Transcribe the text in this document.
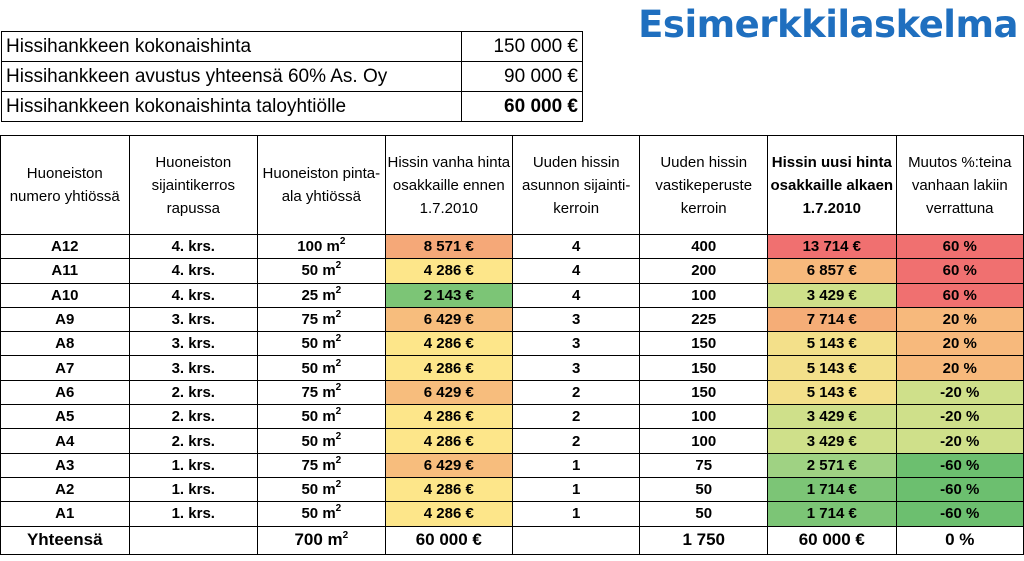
Esimerkkilaskelma
Hissihankkeen kokonaishinta	150 000 €
Hissihankkeen avustus yhteensä 60% As. Oy	90 000 €
Hissihankkeen kokonaishinta taloyhtiölle	60 000 €
Huoneiston numero yhtiössä	Huoneiston sijaintikerros rapussa	Huoneiston pinta-ala yhtiössä	Hissin vanha hinta osakkaille ennen 1.7.2010	Uuden hissin asunnon sijainti-kerroin	Uuden hissin vastikeperuste kerroin	Hissin uusi hinta osakkaille alkaen 1.7.2010	Muutos %:teina vanhaan lakiin verrattuna
A12	4. krs.	100 $m^2$	8 571 €	4	400	13 714 €	60 %
A11	4. krs.	50 $m^2$	4 286 €	4	200	6 857 €	60 %
A10	4. krs.	25 $m^2$	2 143 €	4	100	3 429 €	60 %
A9	3. krs.	75 $m^2$	6 429 €	3	225	7 714 €	20 %
A8	3. krs.	50 $m^2$	4 286 €	3	150	5 143 €	20 %
A7	3. krs.	50 $m^2$	4 286 €	3	150	5 143 €	20 %
A6	2. krs.	75 $m^2$	6 429 €	2	150	5 143 €	-20 %
A5	2. krs.	50 $m^2$	4 286 €	2	100	3 429 €	-20 %
A4	2. krs.	50 $m^2$	4 286 €	2	100	3 429 €	-20 %
A3	1. krs.	75 $m^2$	6 429 €	1	75	2 571 €	-60 %
A2	1. krs.	50 $m^2$	4 286 €	1	50	1 714 €	-60 %
A1	1. krs.	50 $m^2$	4 286 €	1	50	1 714 €	-60 %
Yhteensä		700 $m^2$	60 000 €		1 750	60 000 €	0 %
